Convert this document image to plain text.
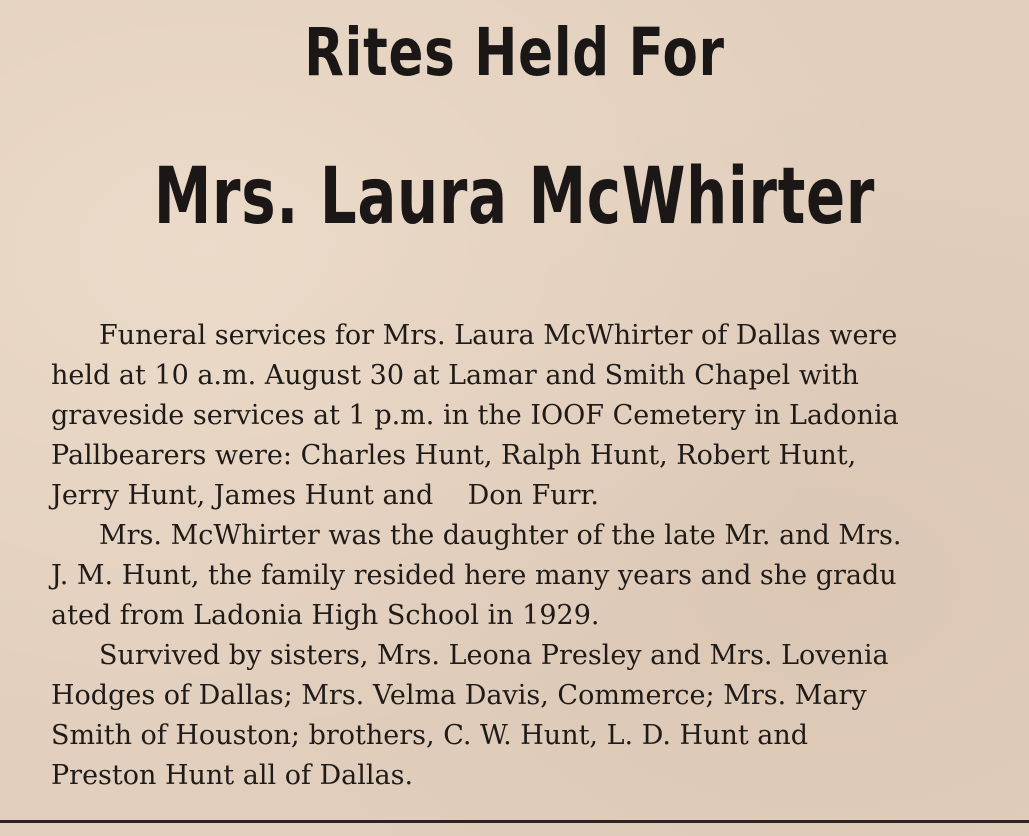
Rites Held For
Mrs. Laura McWhirter
Funeral services for Mrs. Laura McWhirter of Dallas were
held at 10 a.m. August 30 at Lamar and Smith Chapel with
graveside services at 1 p.m. in the IOOF Cemetery in Ladonia
Pallbearers were: Charles Hunt, Ralph Hunt, Robert Hunt,
Jerry Hunt, James Hunt and    Don Furr.
Mrs. McWhirter was the daughter of the late Mr. and Mrs.
J. M. Hunt, the family resided here many years and she gradu
ated from Ladonia High School in 1929.
Survived by sisters, Mrs. Leona Presley and Mrs. Lovenia
Hodges of Dallas; Mrs. Velma Davis, Commerce; Mrs. Mary
Smith of Houston; brothers, C. W. Hunt, L. D. Hunt and
Preston Hunt all of Dallas.
